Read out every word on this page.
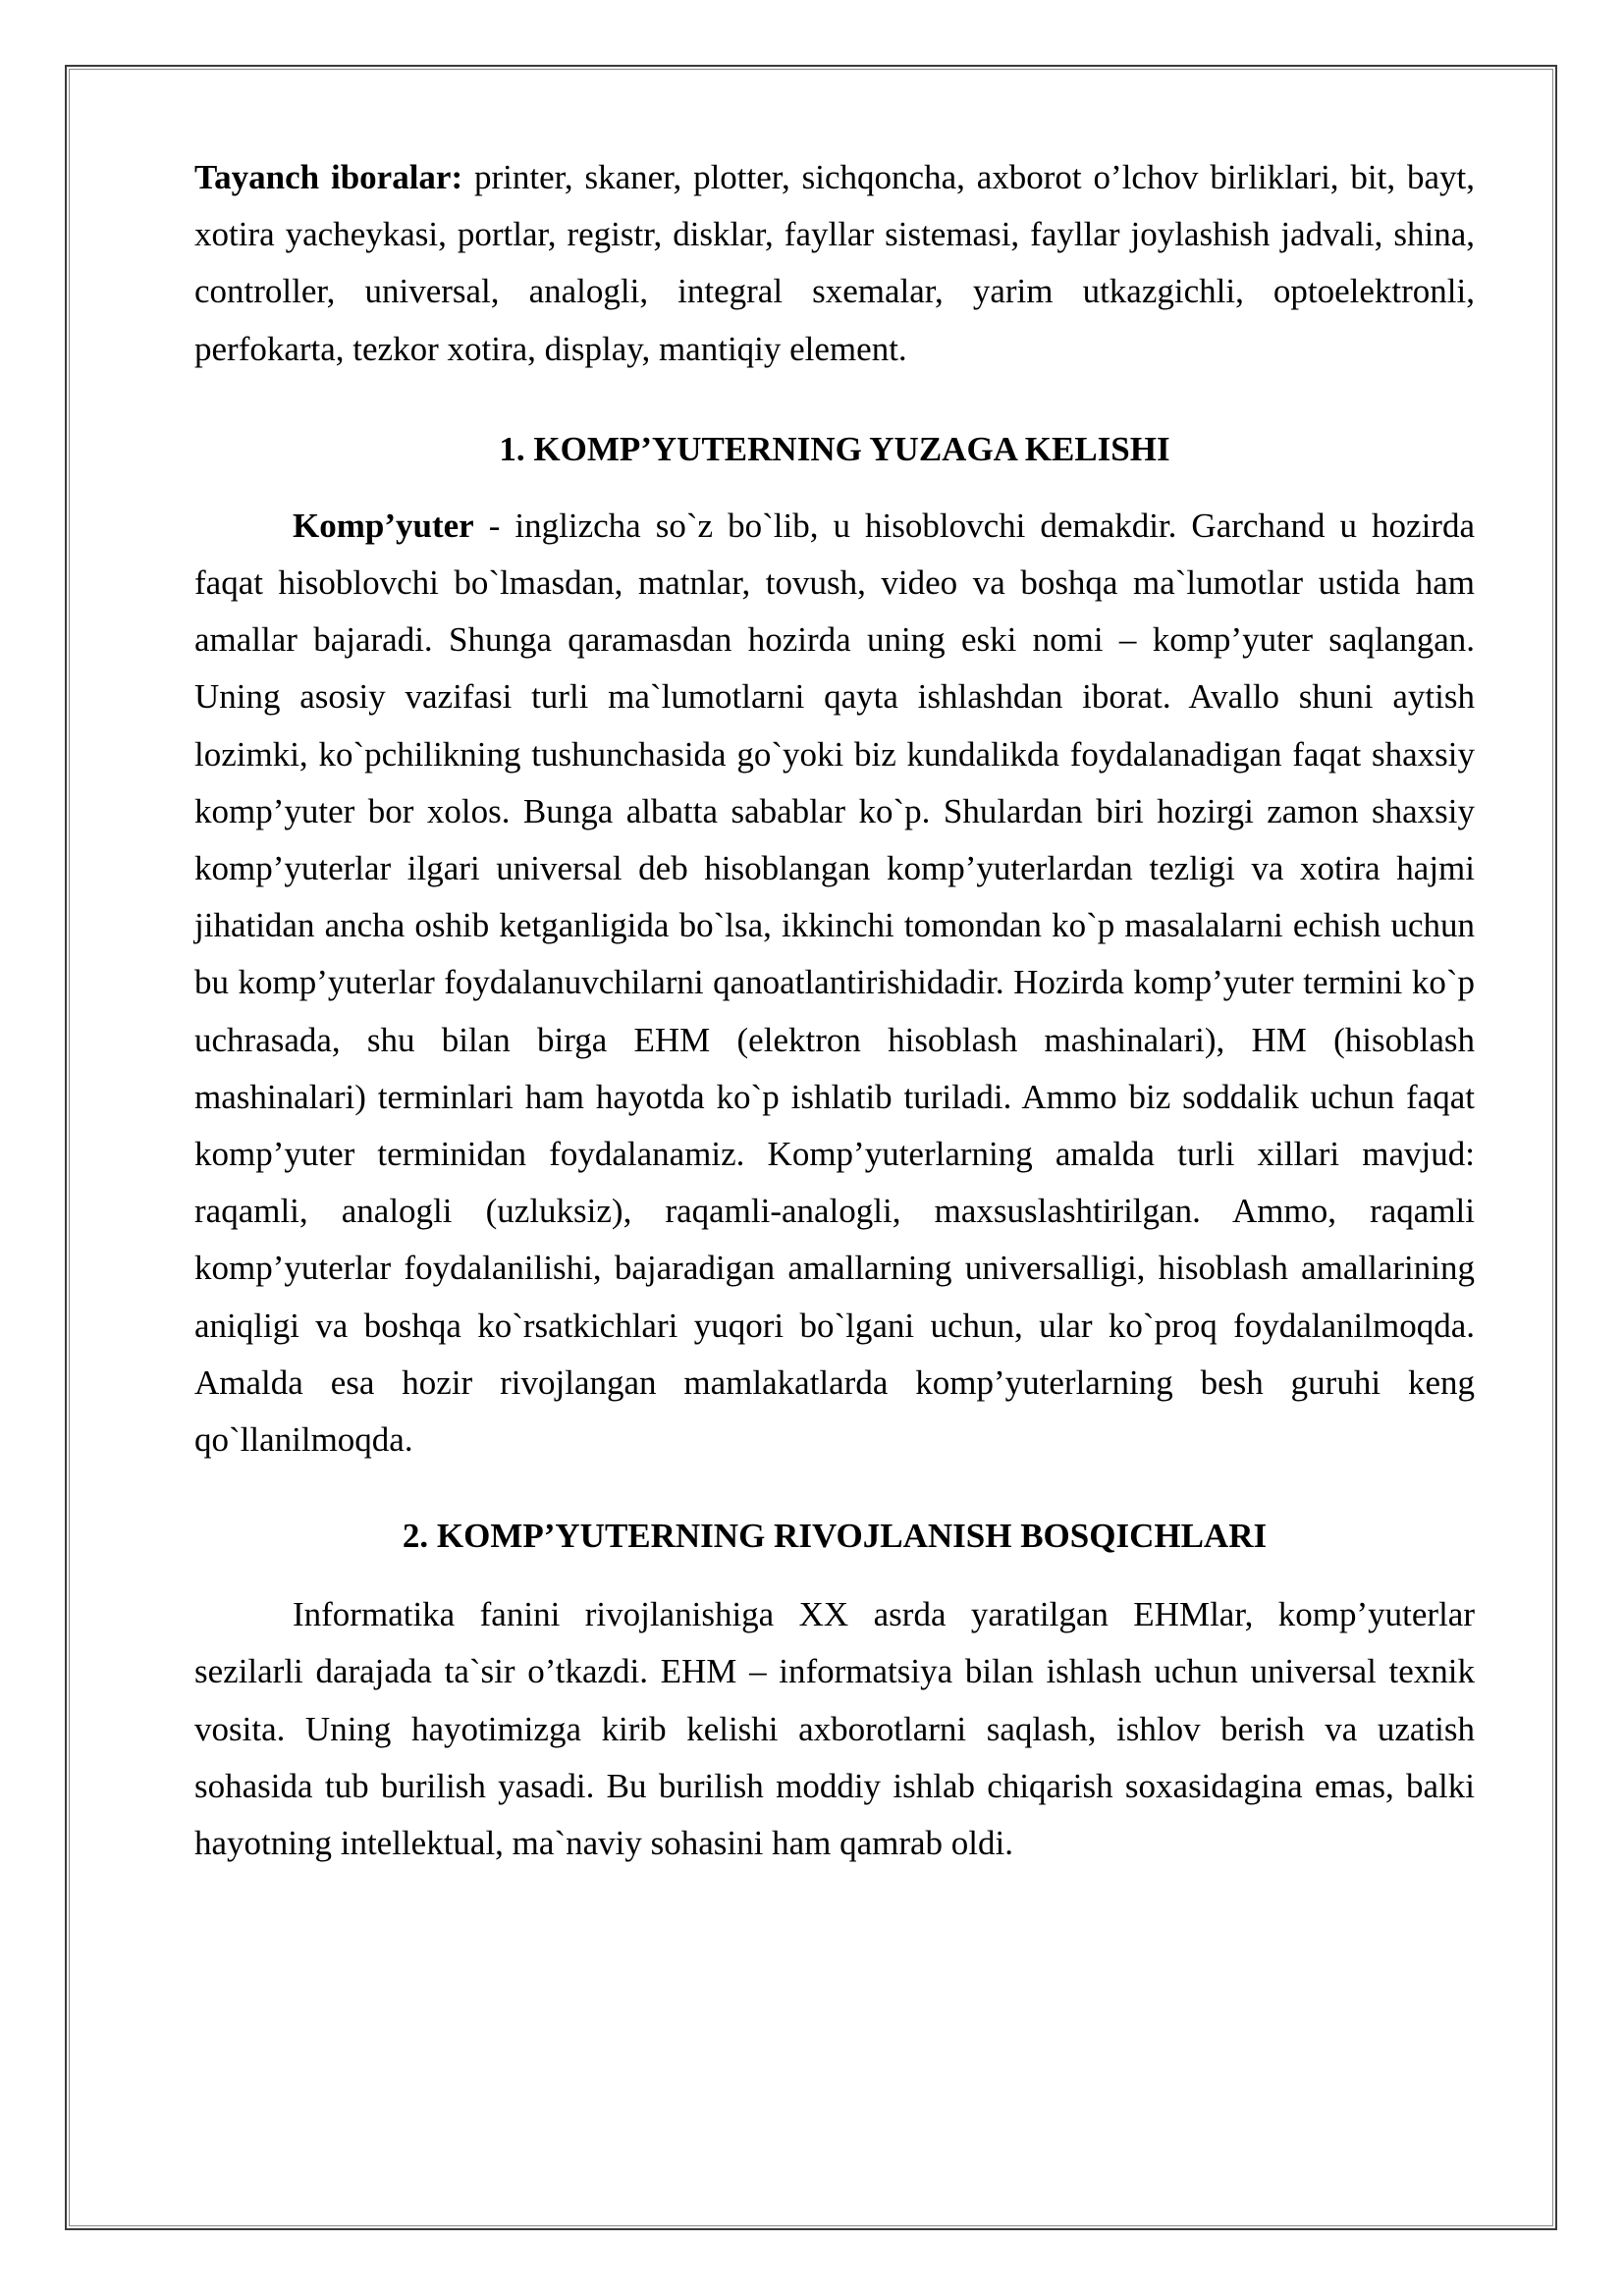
Tayanch iboralar: printer, skaner, plotter, sichqoncha, axborot o’lchov birliklari, bit, bayt, xotira yacheykasi, portlar, registr, disklar, fayllar sistemasi, fayllar joylashish jadvali, shina, controller, universal, analogli, integral sxemalar, yarim utkazgichli, optoelektronli, perfokarta, tezkor xotira, display, mantiqiy element.

1. KOMP’YUTERNING YUZAGA KELISHI

Komp’yuter - inglizcha so`z bo`lib, u hisoblovchi demakdir. Garchand u hozirda faqat hisoblovchi bo`lmasdan, matnlar, tovush, video va boshqa ma`lumotlar ustida ham amallar bajaradi. Shunga qaramasdan hozirda uning eski nomi – komp’yuter saqlangan. Uning asosiy vazifasi turli ma`lumotlarni qayta ishlashdan iborat. Avallo shuni aytish lozimki, ko`pchilikning tushunchasida go`yoki biz kundalikda foydalanadigan faqat shaxsiy komp’yuter bor xolos. Bunga albatta sabablar ko`p. Shulardan biri hozirgi zamon shaxsiy komp’yuterlar ilgari universal deb hisoblangan komp’yuterlardan tezligi va xotira hajmi jihatidan ancha oshib ketganligida bo`lsa, ikkinchi tomondan ko`p masalalarni echish uchun bu komp’yuterlar foydalanuvchilarni qanoatlantirishidadir. Hozirda komp’yuter termini ko`p uchrasada, shu bilan birga EHM (elektron hisoblash mashinalari), HM (hisoblash mashinalari) terminlari ham hayotda ko`p ishlatib turiladi. Ammo biz soddalik uchun faqat komp’yuter terminidan foydalanamiz. Komp’yuterlarning amalda turli xillari mavjud: raqamli, analogli (uzluksiz), raqamli-analogli, maxsuslashtirilgan. Ammo, raqamli komp’yuterlar foydalanilishi, bajaradigan amallarning universalligi, hisoblash amallarining aniqligi va boshqa ko`rsatkichlari yuqori bo`lgani uchun, ular ko`proq foydalanilmoqda. Amalda esa hozir rivojlangan mamlakatlarda komp’yuterlarning besh guruhi keng qo`llanilmoqda.

2. KOMP’YUTERNING RIVOJLANISH BOSQICHLARI

Informatika fanini rivojlanishiga XX asrda yaratilgan EHMlar, komp’yuterlar sezilarli darajada ta`sir o’tkazdi. EHM – informatsiya bilan ishlash uchun universal texnik vosita. Uning hayotimizga kirib kelishi axborotlarni saqlash, ishlov berish va uzatish sohasida tub burilish yasadi. Bu burilish moddiy ishlab chiqarish soxasidagina emas, balki hayotning intellektual, ma`naviy sohasini ham qamrab oldi.
